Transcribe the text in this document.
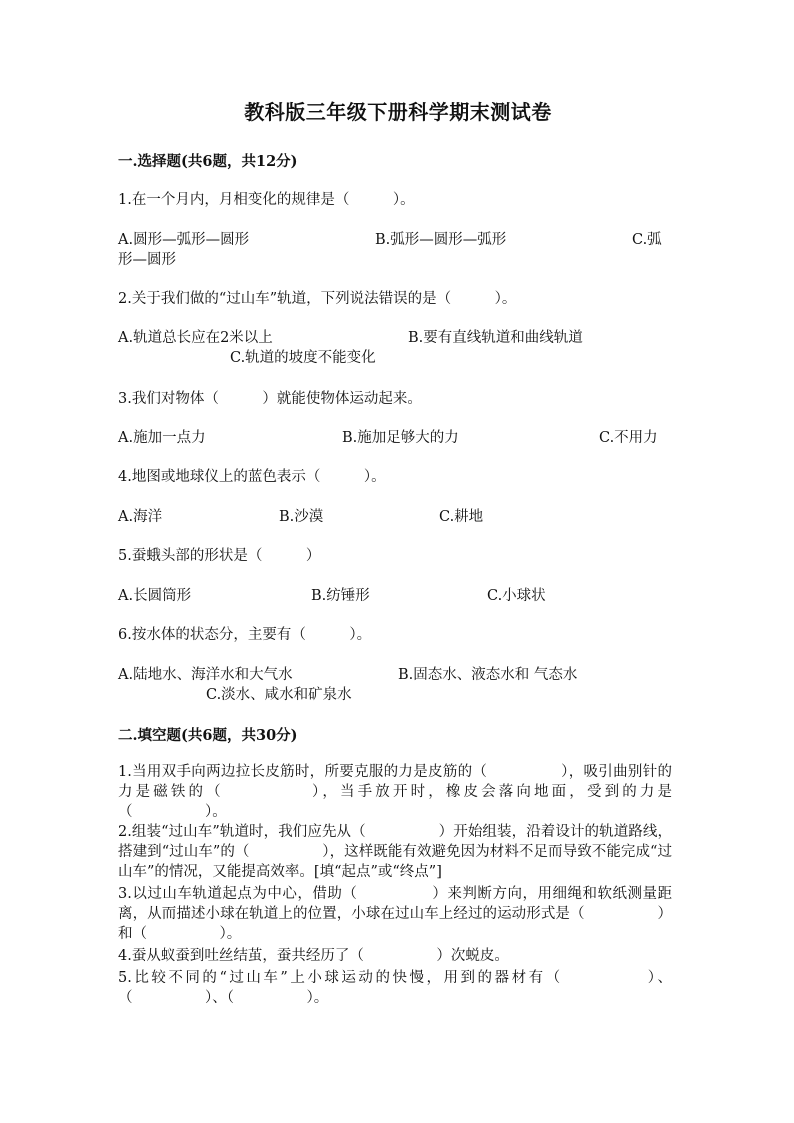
教科版三年级下册科学期末测试卷
一.选择题(共6题，共12分)
1.在一个月内，月相变化的规律是（　　　）。
A.圆形—弧形—圆形	B.弧形—圆形—弧形	C.弧
形—圆形
2.关于我们做的“过山车”轨道，下列说法错误的是（　　　）。
A.轨道总长应在2米以上	B.要有直线轨道和曲线轨道
C.轨道的坡度不能变化
3.我们对物体（　　　）就能使物体运动起来。
A.施加一点力	B.施加足够大的力	C.不用力
4.地图或地球仪上的蓝色表示（　　　）。
A.海洋	B.沙漠	C.耕地
5.蚕蛾头部的形状是（　　　）
A.长圆筒形	B.纺锤形	C.小球状
6.按水体的状态分，主要有（　　　）。
A.陆地水、海洋水和大气水	B.固态水、液态水和 气态水
C.淡水、咸水和矿泉水
二.填空题(共6题，共30分)
1.当用双手向两边拉长皮筋时，所要克服的力是皮筋的（　　　　　），吸引曲别针的力是磁铁的（　　　　　），当手放开时，橡皮会落向地面，受到的力是（　　　　　）。
2.组装“过山车”轨道时，我们应先从（　　　　　）开始组装，沿着设计的轨道路线，搭建到“过山车”的（　　　　　），这样既能有效避免因为材料不足而导致不能完成“过山车”的情况，又能提高效率。[填“起点”或“终点”]
3.以过山车轨道起点为中心，借助（　　　　　）来判断方向，用细绳和软纸测量距离，从而描述小球在轨道上的位置，小球在过山车上经过的运动形式是（　　　　　）和（　　　　　）。
4.蚕从蚁蚕到吐丝结茧，蚕共经历了（　　　　　）次蜕皮。
5.比较不同的“过山车”上小球运动的快慢，用到的器材有（　　　　　）、（　　　　　）、（　　　　　）。
